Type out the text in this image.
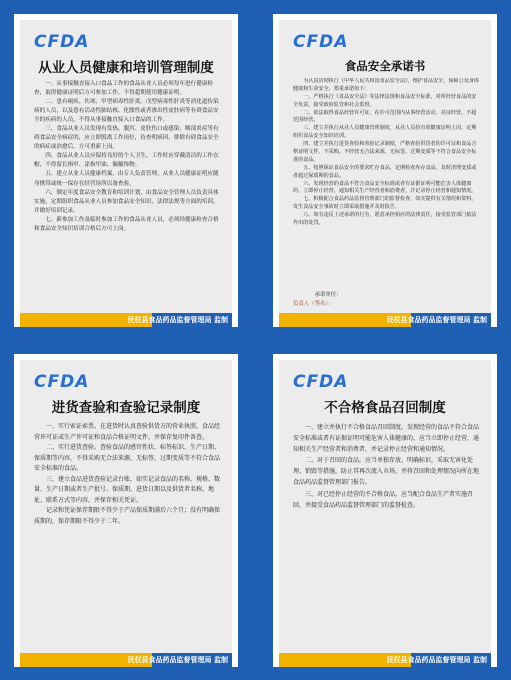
CFDA
从业人员健康和培训管理制度

一、从事接触直接入口食品工作的食品从业人员必须每年进行健康检查，取得健康证明后方可参加工作，不得超期使用健康证明。

二、患有痢疾、伤寒、甲型病毒性肝炎、戊型病毒性肝炎等消化道传染病的人员，以及患有活动性肺结核、化脓性或者渗出性皮肤病等有碍食品安全的疾病的人员，不得从事接触直接入口食品的工作。

三、食品从业人员发现有发热、腹泻、皮肤伤口或感染、咽部炎症等有碍食品安全病症的，应立即脱离工作岗位，待查明病因、排除有碍食品安全的病症或治愈后，方可重新上岗。

四、食品从业人员应保持良好的个人卫生，工作时应穿戴清洁的工作衣帽，不得留长指甲、涂指甲油、佩戴饰物。

五、建立从业人员健康档案，由专人负责管理，从业人员健康证明应随身携带或统一保存在经营场所以备查验。

六、制定年度食品安全教育和培训计划，由食品安全管理人员负责具体实施，定期组织食品从业人员参加食品安全知识、法律法规等方面的培训，并做好培训记录。

七、新参加工作及临时参加工作的食品从业人员，必须经健康检查合格和食品安全知识培训合格后方可上岗。

民权县食品药品监督管理局 监制
CFDA
食品安全承诺书

为认真贯彻执行《中华人民共和国食品安全法》，维护食品安全，保障公众身体健康和生命安全，郑重承诺如下：

一、严格执行《食品安全法》等法律法规和食品安全标准，对所经营食品的安全负责，接受政府监管和社会监督。

二、依法取得食品经营许可证，在许可范围内从事经营活动，亮证经营，不超范围经营。

三、建立并执行从业人员健康管理制度，从业人员持有效健康证明上岗，定期组织食品安全知识培训。

四、建立并执行进货查验和查验记录制度，严格查验供货者的许可证和食品合格证明文件，不采购、不经营无合法来源、无标签、过期变质等不符合食品安全标准的食品。

五、按照保证食品安全的要求贮存食品，定期检查库存食品，及时清理变质或者超过保质期的食品。

六、发现经营的食品不符合食品安全标准或者有证据证明可能危害人体健康的，立即停止经营，通知相关生产经营者和消费者，并记录停止经营和通知情况。

七、积极配合食品药品监督管理部门的监督检查，如实提供有关情况和资料，发生食品安全事故时立即采取措施并及时报告。

八、如有违反上述承诺的行为，愿意承担相应的法律责任，接受监管部门依法作出的处罚。

承诺单位：

负责人（签名）：

民权县食品药品监督管理局 监制
CFDA
进货查验和查验记录制度

一、实行索证索票。在进货时认真查验供货方的营业执照、食品经营许可证或生产许可证和食品合格证明文件，并保存复印件备查。

二、实行进货查验。查验食品的感官性状、标签标识、生产日期、保质期等内容，不得采购无合法来源、无标签、过期变质等不符合食品安全标准的食品。

三、建立食品进货查验记录台账，如实记录食品的名称、规格、数量、生产日期或者生产批号、保质期、进货日期以及供货者名称、地址、联系方式等内容，并保存相关凭证。

记录和凭证保存期限不得少于产品保质期满后六个月；没有明确保质期的，保存期限不得少于二年。

民权县食品药品监督管理局 监制
CFDA
不合格食品召回制度

一、建立并执行不合格食品召回制度。发现经营的食品不符合食品安全标准或者有证据证明可能危害人体健康的，应当立即停止经营，通知相关生产经营者和消费者，并记录停止经营和通知情况。

二、对于召回的食品，应当单独存放、明确标识，采取无害化处理、销毁等措施，防止其再次流入市场，并将召回和处理情况向所在地食品药品监督管理部门报告。

三、对已经停止经营的不合格食品，应当配合食品生产者实施召回，并接受食品药品监督管理部门的监督检查。

民权县食品药品监督管理局 监制
